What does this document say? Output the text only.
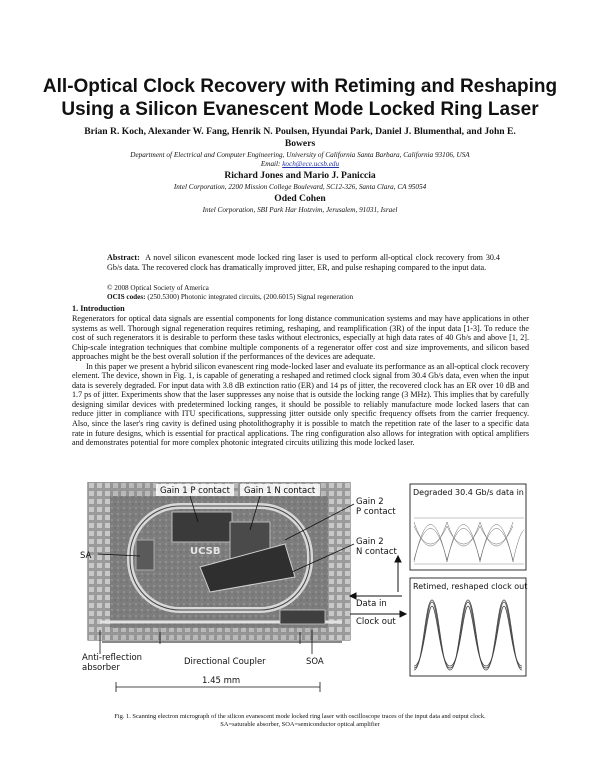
All-Optical Clock Recovery with Retiming and Reshaping
Using a Silicon Evanescent Mode Locked Ring Laser
Brian R. Koch, Alexander W. Fang, Henrik N. Poulsen, Hyundai Park, Daniel J. Blumenthal, and John E.
Bowers
Department of Electrical and Computer Engineering, University of California Santa Barbara, California 93106, USA
Email: koch@ece.ucsb.edu
Richard Jones and Mario J. Paniccia
Intel Corporation, 2200 Mission College Boulevard, SC12-326, Santa Clara, CA 95054
Oded Cohen
Intel Corporation, SBI Park Har Hotzvim, Jerusalem, 91031, Israel
Abstract: A novel silicon evanescent mode locked ring laser is used to perform all-optical clock recovery from 30.4 Gb/s data. The recovered clock has dramatically improved jitter, ER, and pulse reshaping compared to the input data.
© 2008 Optical Society of America
OCIS codes: (250.5300) Photonic integrated circuits, (200.6015) Signal regeneration
1. Introduction

Regenerators for optical data signals are essential components for long distance communication systems and may have applications in other systems as well. Thorough signal regeneration requires retiming, reshaping, and reamplification (3R) of the input data [1-3]. To reduce the cost of such regenerators it is desirable to perform these tasks without electronics, especially at high data rates of 40 Gb/s and above [1, 2]. Chip-scale integration techniques that combine multiple components of a regenerator offer cost and size improvements, and silicon based approaches might be the best overall solution if the performances of the devices are adequate.

In this paper we present a hybrid silicon evanescent ring mode-locked laser and evaluate its performance as an all-optical clock recovery element. The device, shown in Fig. 1, is capable of generating a reshaped and retimed clock signal from 30.4 Gb/s data, even when the input data is severely degraded. For input data with 3.8 dB extinction ratio (ER) and 14 ps of jitter, the recovered clock has an ER over 10 dB and 1.7 ps of jitter. Experiments show that the laser suppresses any noise that is outside the locking range (3 MHz). This implies that by carefully designing similar devices with predetermined locking ranges, it should be possible to reliably manufacture mode locked lasers that can reduce jitter in compliance with ITU specifications, suppressing jitter outside only specific frequency offsets from the carrier frequency. Also, since the laser's ring cavity is defined using photolithography it is possible to match the repetition rate of the laser to a specific data rate in future designs, which is essential for practical applications. The ring configuration also allows for integration with optical amplifiers and demonstrates potential for more complex photonic integrated circuits utilizing this mode locked laser.

UCSB
Gain 1 P contact Gain 1 N contact
Gain 2
P contact
Gain 2
N contact
SA
Anti-reflection
absorber
Directional Coupler	SOA
1.45 mm
Data in
Clock out
Degraded 30.4 Gb/s data in
Retimed, reshaped clock out
Fig. 1. Scanning electron micrograph of the silicon evanescent mode locked ring laser with oscilloscope traces of the input data and output clock.
SA=saturable absorber, SOA=semiconductor optical amplifier
